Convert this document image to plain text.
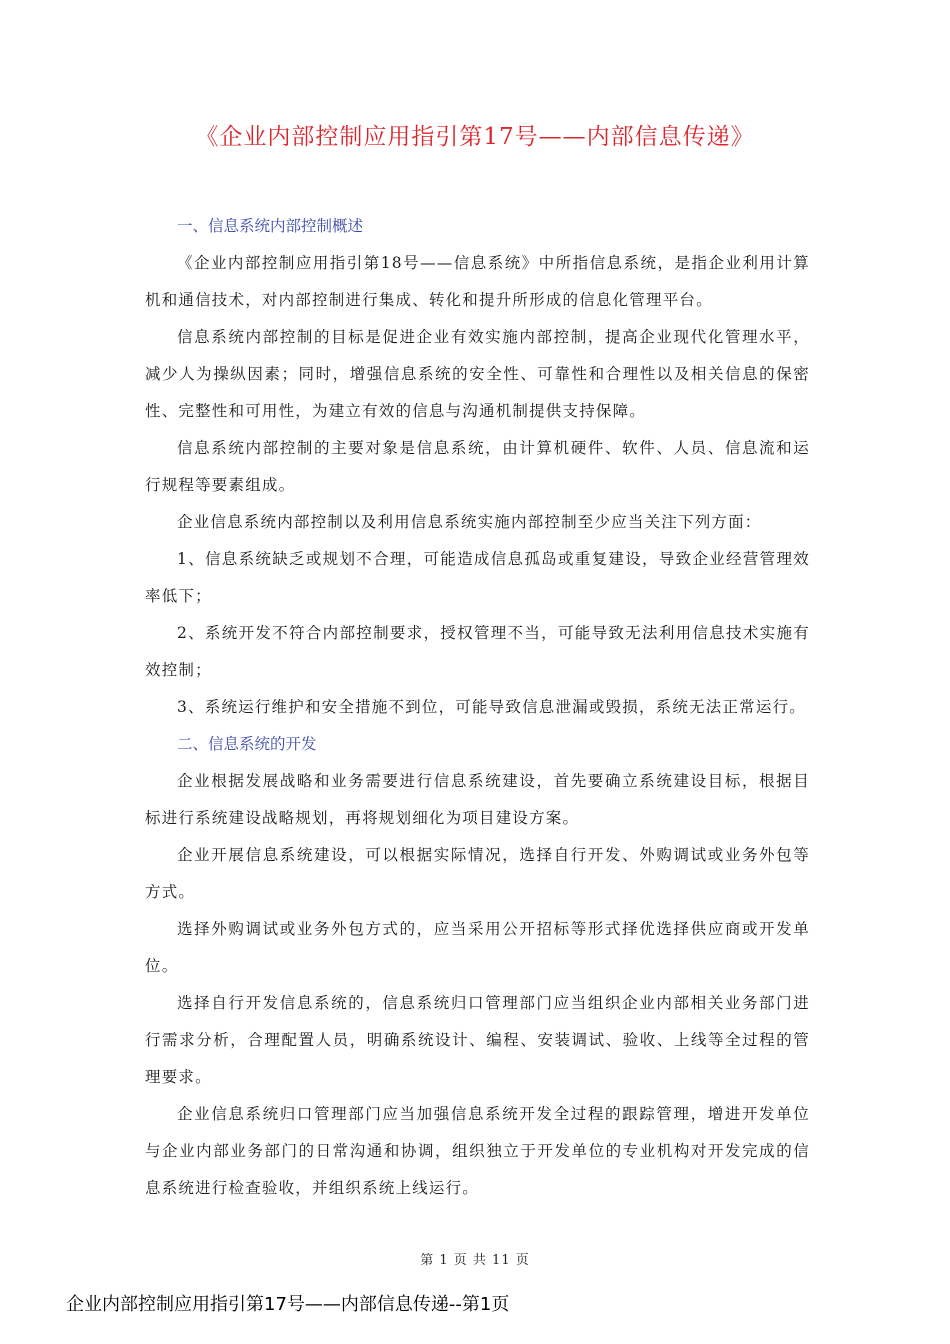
《企业内部控制应用指引第17号——内部信息传递》

一、信息系统内部控制概述

《企业内部控制应用指引第18号——信息系统》中所指信息系统，是指企业利用计算机和通信技术，对内部控制进行集成、转化和提升所形成的信息化管理平台。

信息系统内部控制的目标是促进企业有效实施内部控制，提高企业现代化管理水平，减少人为操纵因素；同时，增强信息系统的安全性、可靠性和合理性以及相关信息的保密性、完整性和可用性，为建立有效的信息与沟通机制提供支持保障。

信息系统内部控制的主要对象是信息系统，由计算机硬件、软件、人员、信息流和运行规程等要素组成。

企业信息系统内部控制以及利用信息系统实施内部控制至少应当关注下列方面：

1、信息系统缺乏或规划不合理，可能造成信息孤岛或重复建设，导致企业经营管理效率低下；

2、系统开发不符合内部控制要求，授权管理不当，可能导致无法利用信息技术实施有效控制；

3、系统运行维护和安全措施不到位，可能导致信息泄漏或毁损，系统无法正常运行。

二、信息系统的开发

企业根据发展战略和业务需要进行信息系统建设，首先要确立系统建设目标，根据目标进行系统建设战略规划，再将规划细化为项目建设方案。

企业开展信息系统建设，可以根据实际情况，选择自行开发、外购调试或业务外包等方式。

选择外购调试或业务外包方式的，应当采用公开招标等形式择优选择供应商或开发单位。

选择自行开发信息系统的，信息系统归口管理部门应当组织企业内部相关业务部门进行需求分析，合理配置人员，明确系统设计、编程、安装调试、验收、上线等全过程的管理要求。

企业信息系统归口管理部门应当加强信息系统开发全过程的跟踪管理，增进开发单位与企业内部业务部门的日常沟通和协调，组织独立于开发单位的专业机构对开发完成的信息系统进行检查验收，并组织系统上线运行。

第 1 页 共 11 页
企业内部控制应用指引第17号——内部信息传递--第1页
